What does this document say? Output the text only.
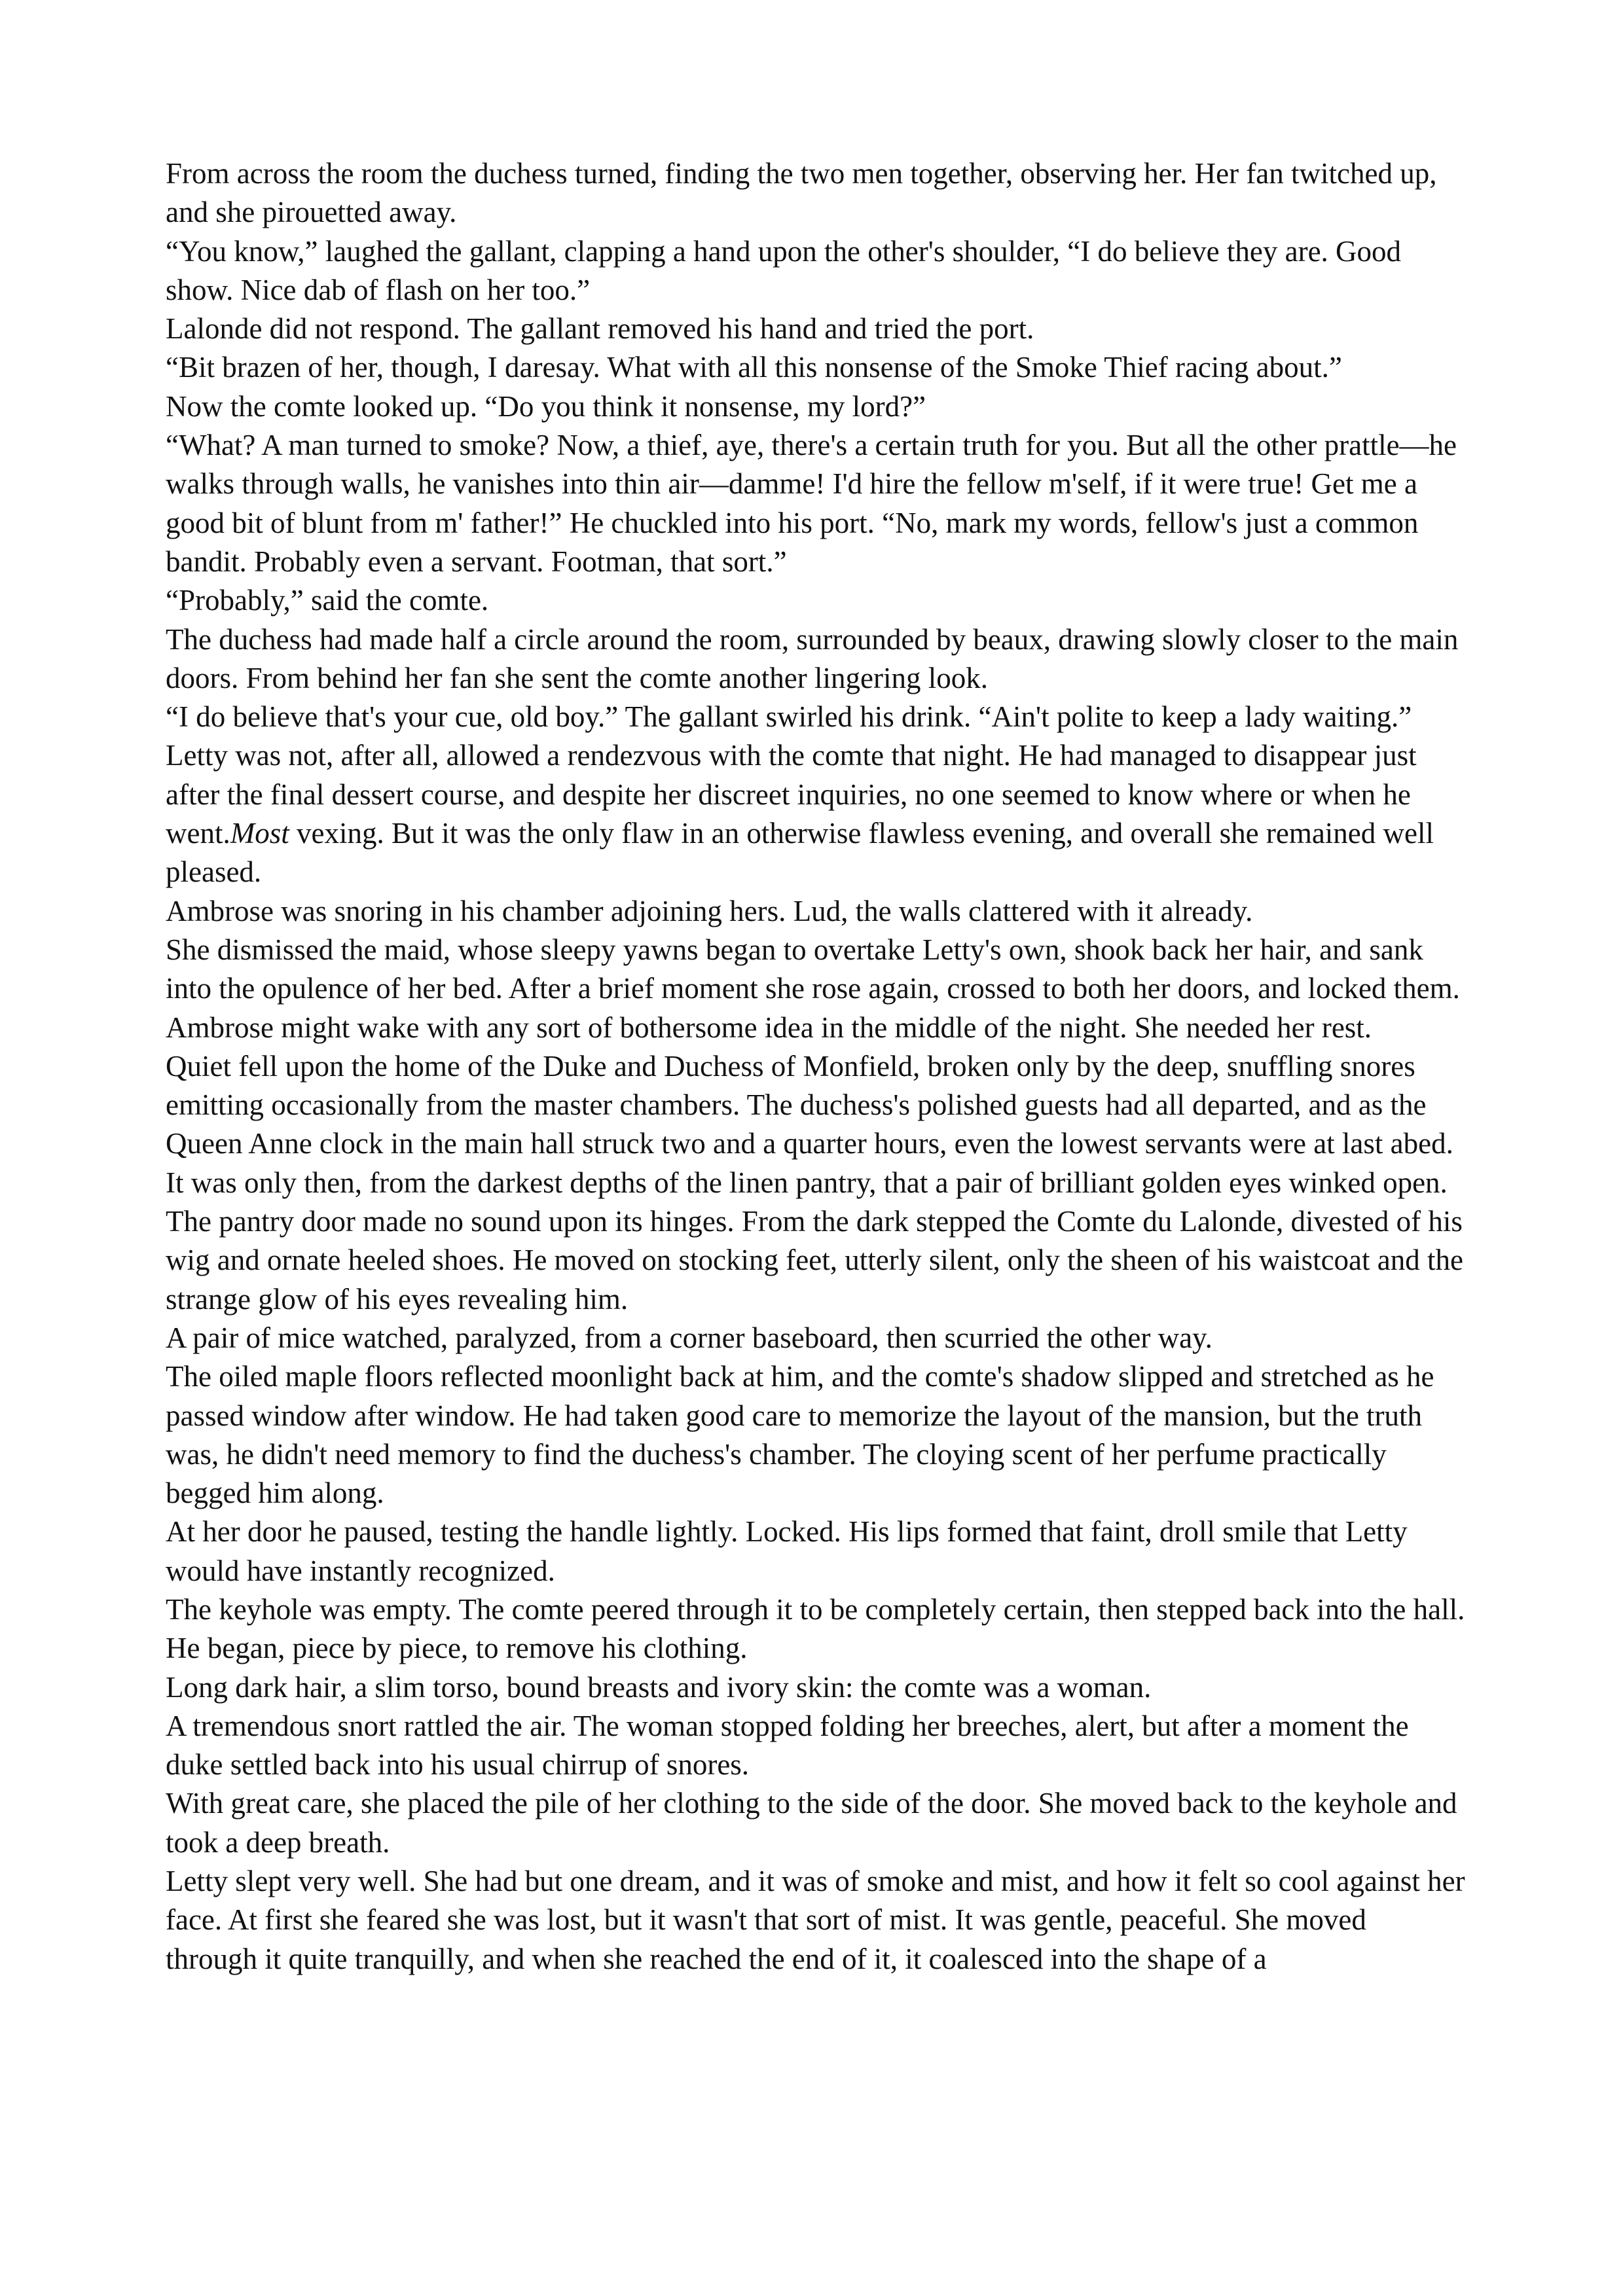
From across the room the duchess turned, finding the two men together, observing her. Her fan twitched up, and she pirouetted away.

“You know,” laughed the gallant, clapping a hand upon the other's shoulder, “I do believe they are. Good show. Nice dab of flash on her too.”

Lalonde did not respond. The gallant removed his hand and tried the port.

“Bit brazen of her, though, I daresay. What with all this nonsense of the Smoke Thief racing about.”

Now the comte looked up. “Do you think it nonsense, my lord?”

“What? A man turned to smoke? Now, a thief, aye, there's a certain truth for you. But all the other prattle—he walks through walls, he vanishes into thin air—damme! I'd hire the fellow m'self, if it were true! Get me a good bit of blunt from m' father!” He chuckled into his port. “No, mark my words, fellow's just a common bandit. Probably even a servant. Footman, that sort.”

“Probably,” said the comte.

The duchess had made half a circle around the room, surrounded by beaux, drawing slowly closer to the main doors. From behind her fan she sent the comte another lingering look.

“I do believe that's your cue, old boy.” The gallant swirled his drink. “Ain't polite to keep a lady waiting.”

Letty was not, after all, allowed a rendezvous with the comte that night. He had managed to disappear just after the final dessert course, and despite her discreet inquiries, no one seemed to know where or when he went.Most vexing. But it was the only flaw in an otherwise flawless evening, and overall she remained well pleased.

Ambrose was snoring in his chamber adjoining hers. Lud, the walls clattered with it already.

She dismissed the maid, whose sleepy yawns began to overtake Letty's own, shook back her hair, and sank into the opulence of her bed. After a brief moment she rose again, crossed to both her doors, and locked them.

Ambrose might wake with any sort of bothersome idea in the middle of the night. She needed her rest.

Quiet fell upon the home of the Duke and Duchess of Monfield, broken only by the deep, snuffling snores emitting occasionally from the master chambers. The duchess's polished guests had all departed, and as the Queen Anne clock in the main hall struck two and a quarter hours, even the lowest servants were at last abed.

It was only then, from the darkest depths of the linen pantry, that a pair of brilliant golden eyes winked open.

The pantry door made no sound upon its hinges. From the dark stepped the Comte du Lalonde, divested of his wig and ornate heeled shoes. He moved on stocking feet, utterly silent, only the sheen of his waistcoat and the strange glow of his eyes revealing him.

A pair of mice watched, paralyzed, from a corner baseboard, then scurried the other way.

The oiled maple floors reflected moonlight back at him, and the comte's shadow slipped and stretched as he passed window after window. He had taken good care to memorize the layout of the mansion, but the truth was, he didn't need memory to find the duchess's chamber. The cloying scent of her perfume practically begged him along.

At her door he paused, testing the handle lightly. Locked. His lips formed that faint, droll smile that Letty would have instantly recognized.

The keyhole was empty. The comte peered through it to be completely certain, then stepped back into the hall. He began, piece by piece, to remove his clothing.

Long dark hair, a slim torso, bound breasts and ivory skin: the comte was a woman.

A tremendous snort rattled the air. The woman stopped folding her breeches, alert, but after a moment the duke settled back into his usual chirrup of snores.

With great care, she placed the pile of her clothing to the side of the door. She moved back to the keyhole and took a deep breath.

Letty slept very well. She had but one dream, and it was of smoke and mist, and how it felt so cool against her face. At first she feared she was lost, but it wasn't that sort of mist. It was gentle, peaceful. She moved through it quite tranquilly, and when she reached the end of it, it coalesced into the shape of a
